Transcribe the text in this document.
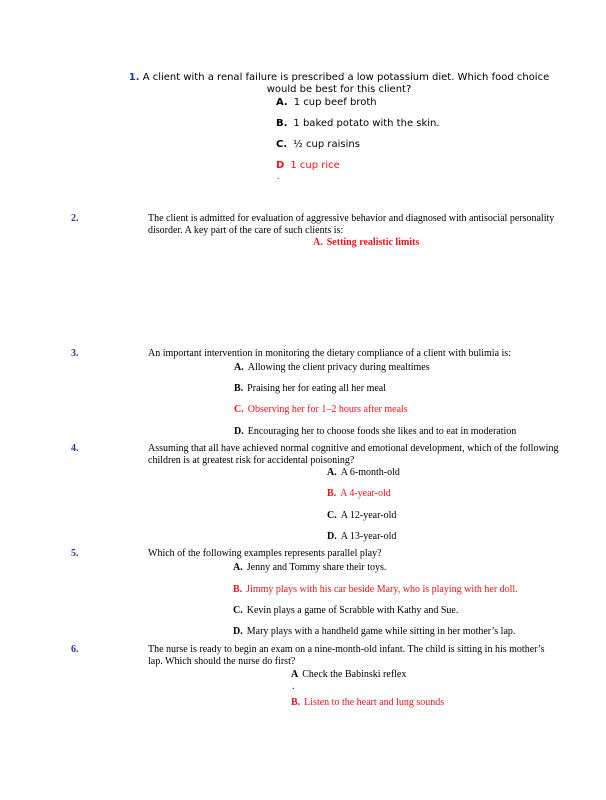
1. A client with a renal failure is prescribed a low potassium diet. Which food choice would be best for this client?
A. 1 cup beef broth
B. 1 baked potato with the skin.
C. ½ cup raisins
D 1 cup rice
.
2.	The client is admitted for evaluation of aggressive behavior and diagnosed with antisocial personality disorder. A key part of the care of such clients is:
A. Setting realistic limits
3.	An important intervention in monitoring the dietary compliance of a client with bulimia is:
A. Allowing the client privacy during mealtimes
B. Praising her for eating all her meal
C. Observing her for 1–2 hours after meals
D. Encouraging her to choose foods she likes and to eat in moderation
4.	Assuming that all have achieved normal cognitive and emotional development, which of the following children is at greatest risk for accidental poisoning?
A. A 6-month-old
B. A 4-year-old
C. A 12-year-old
D. A 13-year-old
5.	Which of the following examples represents parallel play?
A. Jenny and Tommy share their toys.
B. Jimmy plays with his car beside Mary, who is playing with her doll.
C. Kevin plays a game of Scrabble with Kathy and Sue.
D. Mary plays with a handheld game while sitting in her mother’s lap.
6.	The nurse is ready to begin an exam on a nine-month-old infant. The child is sitting in his mother’s lap. Which should the nurse do first?
A Check the Babinski reflex
.
B. Listen to the heart and lung sounds
